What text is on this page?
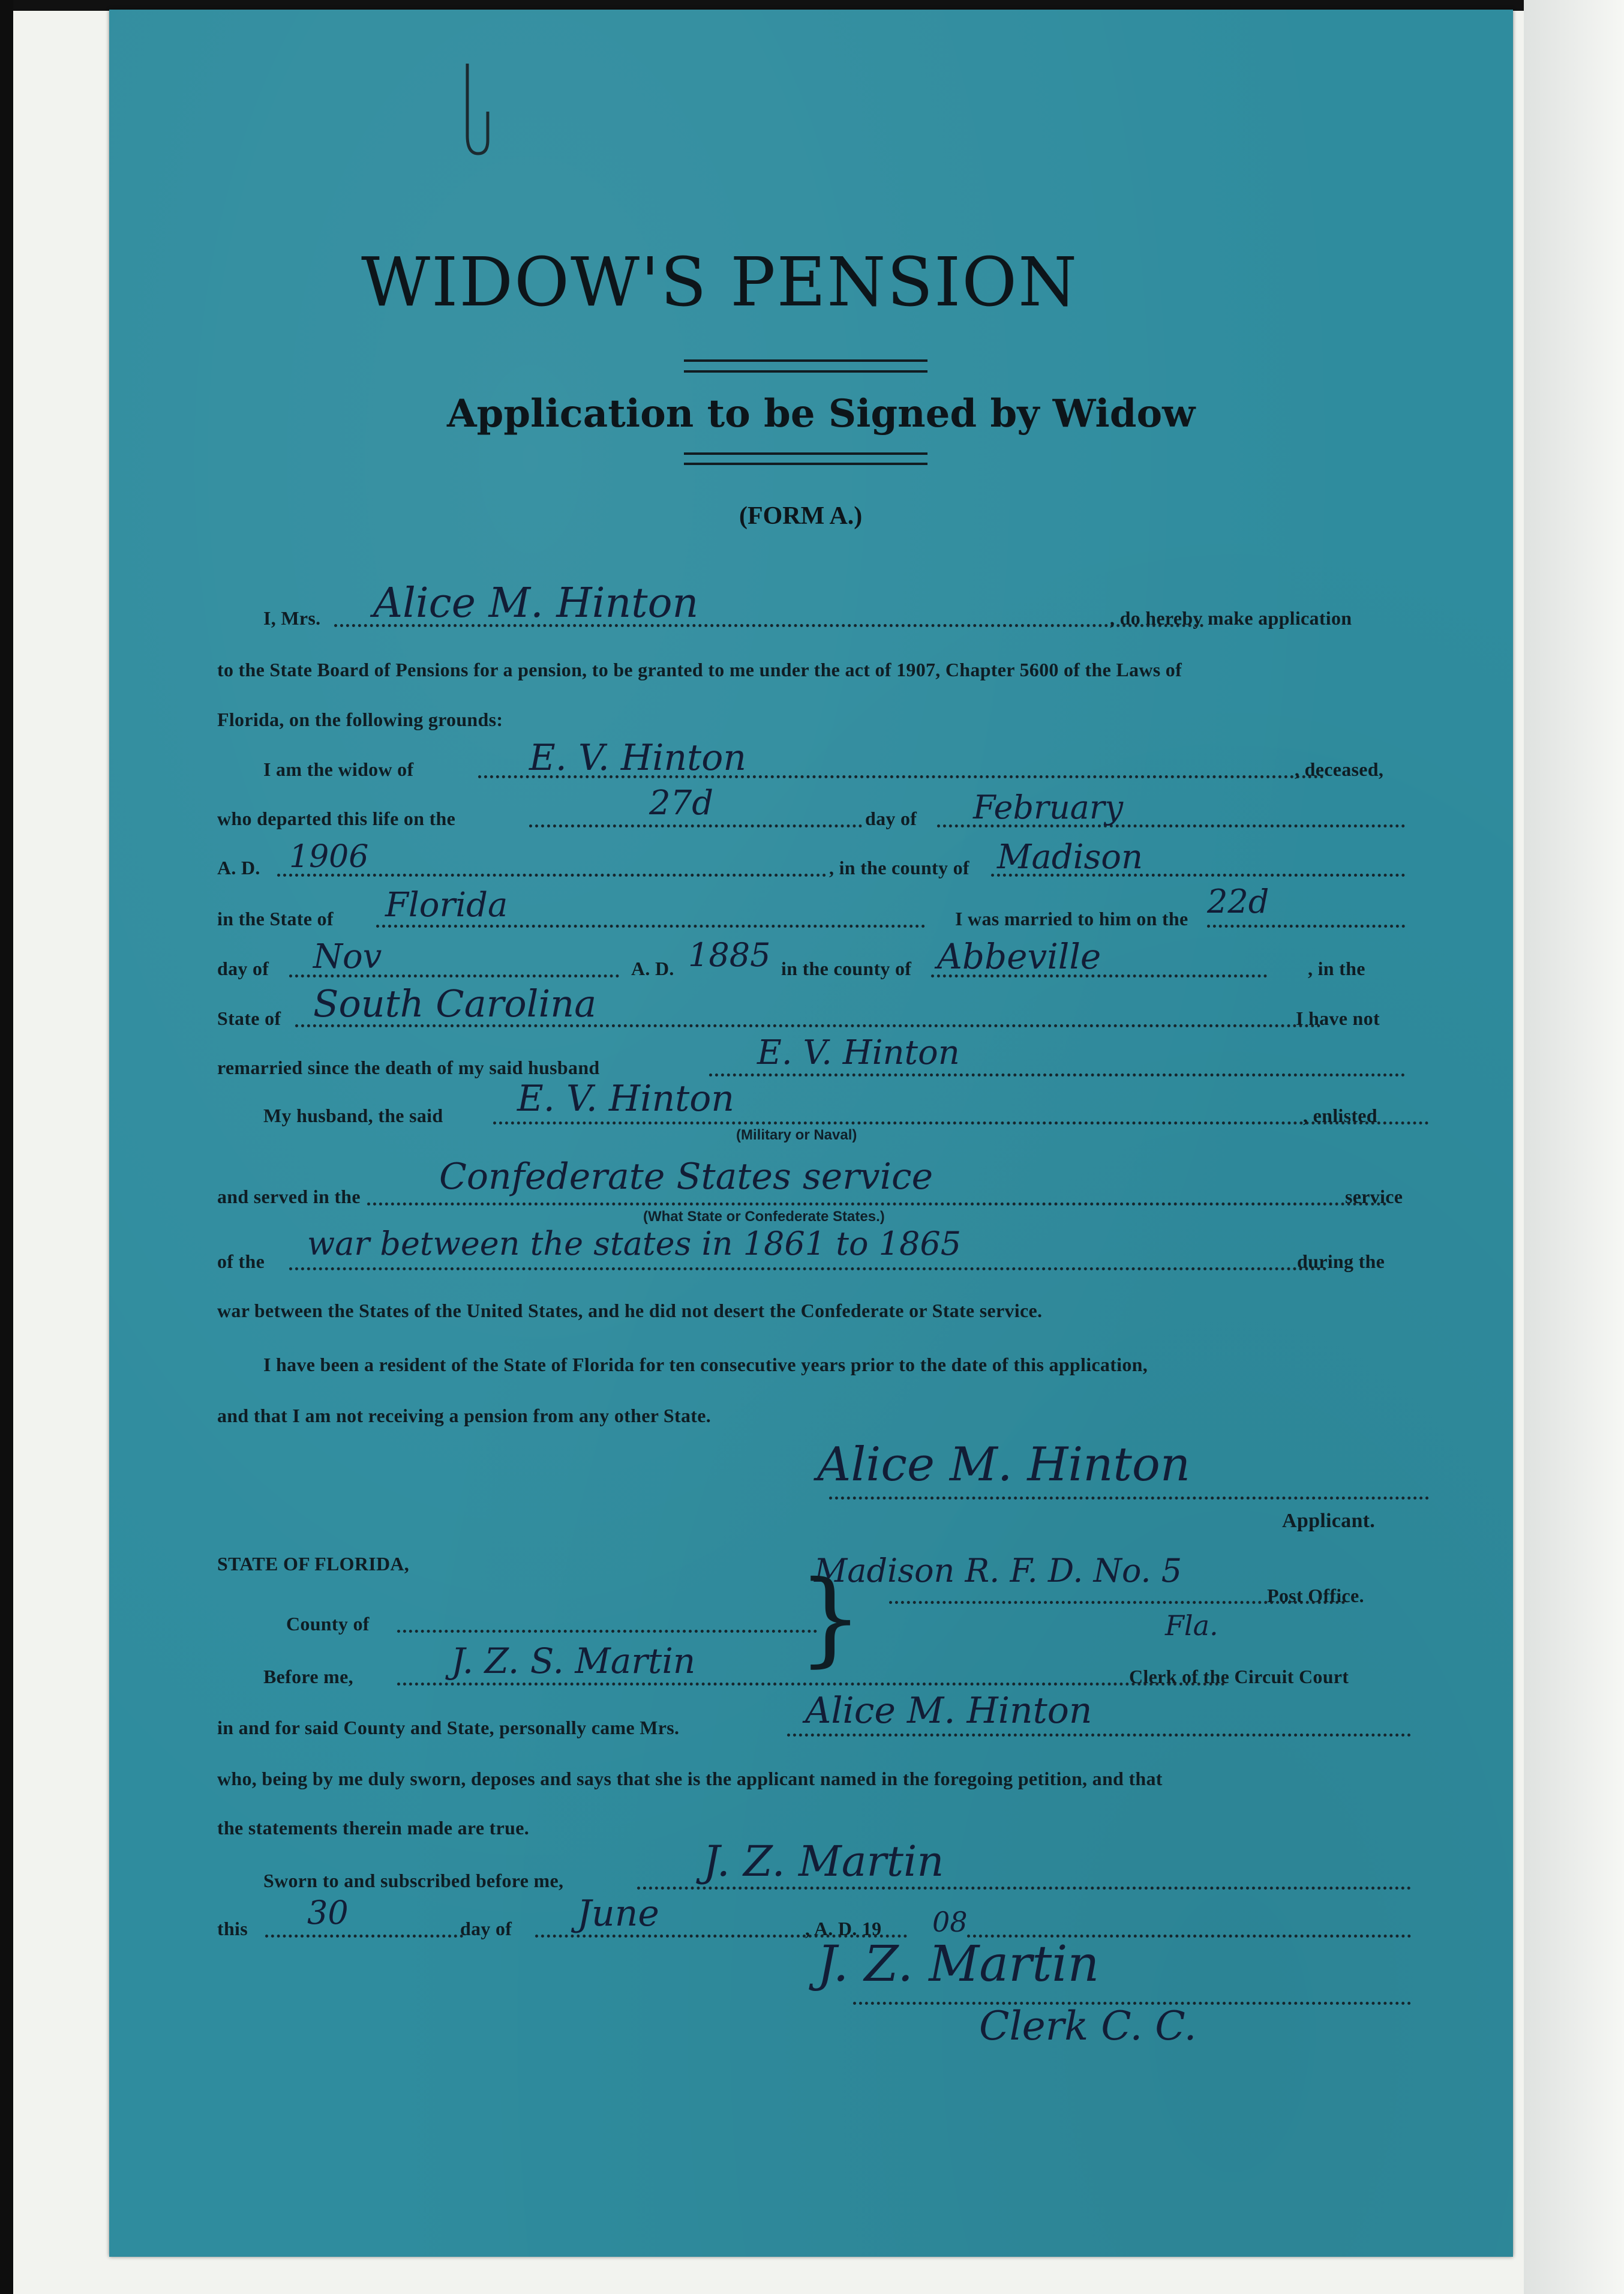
WIDOW'S PENSION
Application to be Signed by Widow
(FORM A.)
I, Mrs. Alice M. Hinton	, do hereby make application
to the State Board of Pensions for a pension, to be granted to me under the act of 1907, Chapter 5600 of the Laws of
Florida, on the following grounds:
I am the widow of	E. V. Hinton	, deceased,
who departed this life on the	27d	day of February
A. D. 1906	, in the county of Madison
in the State of Florida	I was married to him on the 22d
day of Nov	A. D. 1885 in the county of Abbeville	, in the
State of South Carolina	I have not
remarried since the death of my said husband	E. V. Hinton
My husband, the said E. V. Hinton	, enlisted
(Military or Naval)
and served in the Confederate States service	service
(What State or Confederate States.)
of the war between the states in 1861 to 1865	during the
war between the States of the United States, and he did not desert the Confederate or State service.
I have been a resident of the State of Florida for ten consecutive years prior to the date of this application,
and that I am not receiving a pension from any other State.
Alice M. Hinton
Applicant.
STATE OF FLORIDA,	Madison R. F. D. No. 5
Post Office.
Fla.
County of	}
Before me,	J. Z. S. Martin	Clerk of the Circuit Court
in and for said County and State, personally came Mrs.	Alice M. Hinton
who, being by me duly sworn, deposes and says that she is the applicant named in the foregoing petition, and that
the statements therein made are true.
Sworn to and subscribed before me,	J. Z. Martin
this 30	day of June	, A. D. 19 08
J. Z. Martin
Clerk C. C.
